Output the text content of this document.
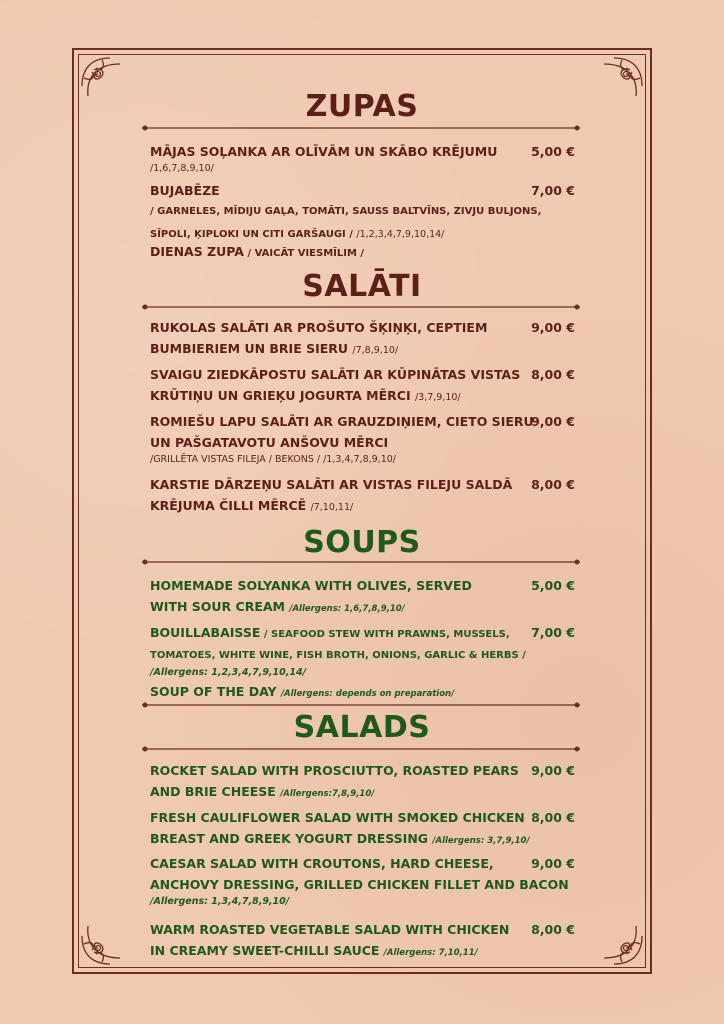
ZUPAS
MĀJAS SOĻANKA AR OLĪVĀM UN SKĀBO KRĒJUMU
/1,6,7,8,9,10/
5,00 €
BUJABĒZE
/ GARNELES, MĪDIJU GAĻA, TOMĀTI, SAUSS BALTVĪNS, ZIVJU BULJONS,
SĪPOLI, ĶIPLOKI UN CITI GARŠAUGI / /1,2,3,4,7,9,10,14/
7,00 €
DIENAS ZUPA / VAICĀT VIESMĪLIM /
SALĀTI
RUKOLAS SALĀTI AR PROŠUTO ŠĶIŅĶI, CEPTIEM
BUMBIERIEM UN BRIE SIERU /7,8,9,10/
9,00 €
SVAIGU ZIEDKĀPOSTU SALĀTI AR KŪPINĀTAS VISTAS
KRŪTIŅU UN GRIEĶU JOGURTA MĒRCI /3,7,9,10/
8,00 €
ROMIEŠU LAPU SALĀTI AR GRAUZDIŅIEM, CIETO SIERU
UN PAŠGATAVOTU ANŠOVU MĒRCI
/GRILLĒTA VISTAS FILEJA / BEKONS / /1,3,4,7,8,9,10/
9,00 €
KARSTIE DĀRZEŅU SALĀTI AR VISTAS FILEJU SALDĀ
KRĒJUMA ČILLI MĒRCĒ /7,10,11/
8,00 €
SOUPS
HOMEMADE SOLYANKA WITH OLIVES, SERVED
WITH SOUR CREAM /Allergens: 1,6,7,8,9,10/
5,00 €
BOUILLABAISSE / SEAFOOD STEW WITH PRAWNS, MUSSELS,
TOMATOES, WHITE WINE, FISH BROTH, ONIONS, GARLIC & HERBS /
/Allergens: 1,2,3,4,7,9,10,14/
7,00 €
SOUP OF THE DAY /Allergens: depends on preparation/
SALADS
ROCKET SALAD WITH PROSCIUTTO, ROASTED PEARS
AND BRIE CHEESE /Allergens:7,8,9,10/
9,00 €
FRESH CAULIFLOWER SALAD WITH SMOKED CHICKEN
BREAST AND GREEK YOGURT DRESSING /Allergens: 3,7,9,10/
8,00 €
CAESAR SALAD WITH CROUTONS, HARD CHEESE,
ANCHOVY DRESSING, GRILLED CHICKEN FILLET AND BACON
/Allergens: 1,3,4,7,8,9,10/
9,00 €
WARM ROASTED VEGETABLE SALAD WITH CHICKEN
IN CREAMY SWEET-CHILLI SAUCE /Allergens: 7,10,11/
8,00 €
